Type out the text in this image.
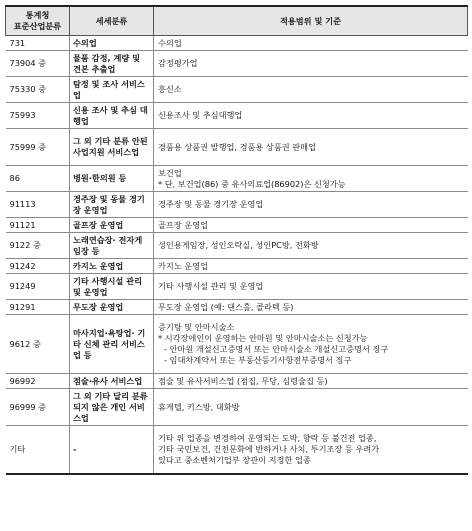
통계청
표준산업분류	세세분류	적용범위 및 기준
731	수의업	수의업

73904 중	물품 감정, 계량 및 견본 추출업	감정평가업

75330 중	탐정 및 조사 서비스업	흥신소

75993	신용 조사 및 추심 대행업	신용조사 및 추심대행업

75999 중	그 외 기타 분류 안된 사업지원 서비스업	경품용 상품권 발행업, 경품용 상품권 판매업

86	병원·한의원 등	보건업
* 단, 보건업(86) 중 유사의료업(86902)은 신청가능

91113	경주장 및 동물 경기장 운영업	경주장 및 동물 경기장 운영업

91121	골프장 운영업	골프장 운영업

9122 중	노래연습장· 전자게임장 등	성인용게임장, 성인오락실, 성인PC방, 전화방

91242	카지노 운영업	카지노 운영업

91249	기타 사행시설 관리 및 운영업	기타 사행시설 관리 및 운영업

91291	무도장 운영업	무도장 운영업 (예: 댄스홀, 콜라텍 등)

9612 중	마사지업·욕탕업· 기타 신체 관리 서비스업 등	증기탕 및 안마시술소
* 시각장애인이 운영하는 안마원 및 안마시술소는 신청가능
- 안마원 개설신고증명서 또는 안마시술소 개설신고증명서 징구
- 임대차계약서 또는 부동산등기사항전부증명서 징구

96992	점술·유사 서비스업	점술 및 유사서비스업 (점집, 무당, 심령술집 등)

96999 중	그 외 기타 달리 분류되지 않은 개인 서비스업	휴게텔, 키스방, 대화방

기타	-	기타 위 업종을 변경하여 운영되는 도박, 향락 등 불건전 업종,
기타 국민보건, 건전문화에 반하거나 사치, 투기조장 등 우려가
있다고 중소벤처기업부 장관이 지정한 업종
